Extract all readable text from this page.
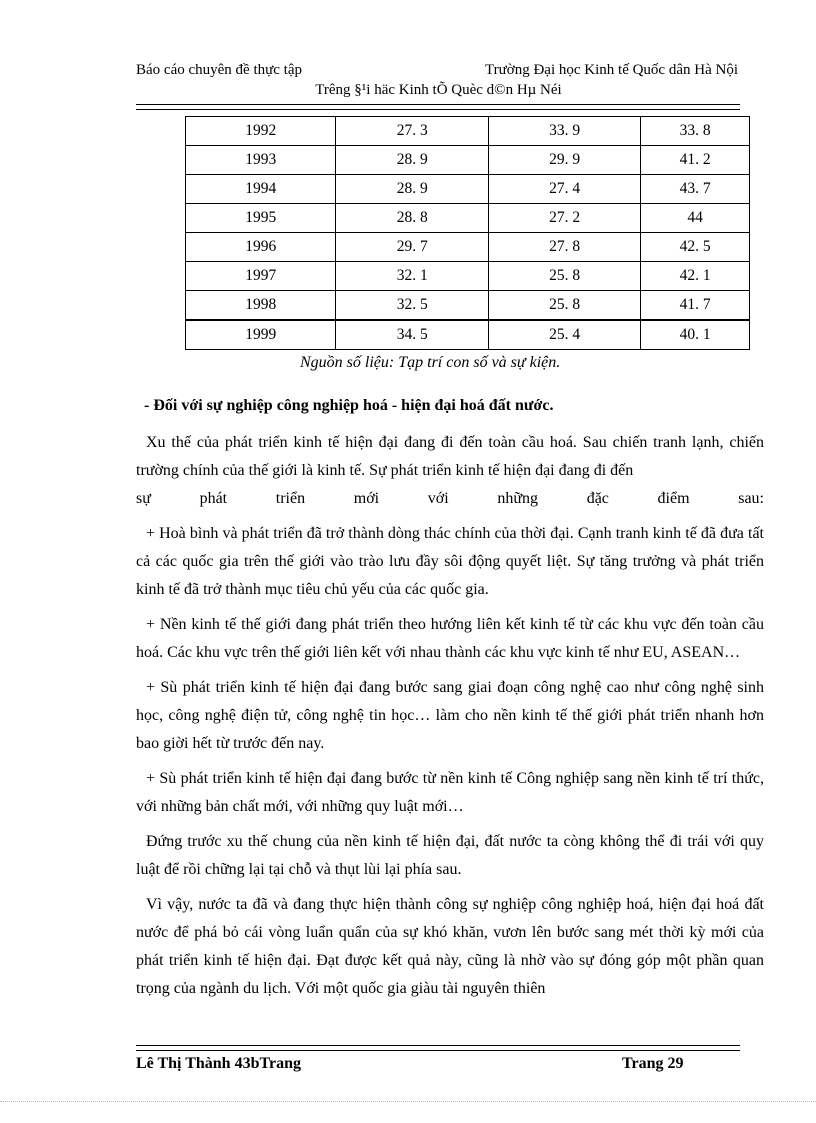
Báo cáo chuyên đề thực tập	Trường Đại học Kinh tế Quốc dân Hà Nội
Trêng §¹i häc Kinh tÕ Quèc d©n Hµ Néi
1992	27. 3	33. 9	33. 8
1993	28. 9	29. 9	41. 2
1994	28. 9	27. 4	43. 7
1995	28. 8	27. 2	44
1996	29. 7	27. 8	42. 5
1997	32. 1	25. 8	42. 1
1998	32. 5	25. 8	41. 7
1999	34. 5	25. 4	40. 1
Nguồn số liệu: Tạp trí con số và sự kiện.

- Đối với sự nghiệp công nghiệp hoá - hiện đại hoá đất nước.

Xu thế của phát triển kinh tế hiện đại đang đi đến toàn cầu hoá. Sau chiến tranh lạnh, chiến trường chính của thế giới là kinh tế. Sự phát triển kinh tế hiện đại đang đi đến

sự phát triển mới với những đặc điểm sau:

+ Hoà bình và phát triển đã trở thành dòng thác chính của thời đại. Cạnh tranh kinh tế đã đưa tất cả các quốc gia trên thế giới vào trào lưu đầy sôi động quyết liệt. Sự tăng trưởng và phát triển kinh tế đã trở thành mục tiêu chủ yếu của các quốc gia.

+ Nền kinh tế thế giới đang phát triển theo hướng liên kết kinh tế từ các khu vực đến toàn cầu hoá. Các khu vực trên thế giới liên kết với nhau thành các khu vực kinh tế như EU, ASEAN…

+ Sù phát triển kinh tế hiện đại đang bước sang giai đoạn công nghệ cao như công nghệ sinh học, công nghệ điện tử, công nghệ tin học… làm cho nền kinh tế thế giới phát triển nhanh hơn bao giời hết từ trước đến nay.

+ Sù phát triển kinh tế hiện đại đang bước từ nền kinh tế Công nghiệp sang nền kinh tế trí thức, với những bản chất mới, với những quy luật mới…

Đứng trước xu thế chung của nền kinh tế hiện đại, đất nước ta còng không thể đi trái với quy luật để rồi chững lại tại chỗ và thụt lùi lại phía sau.

Vì vậy, nước ta đã và đang thực hiện thành công sự nghiệp công nghiệp hoá, hiện đại hoá đất nước để phá bỏ cái vòng luẩn quẩn của sự khó khăn, vươn lên bước sang mét thời kỳ mới của phát triển kinh tế hiện đại. Đạt được kết quả này, cũng là nhờ vào sự đóng góp một phần quan trọng của ngành du lịch. Với một quốc gia giàu tài nguyên thiên

Lê Thị Thành 43bTrang	Trang 29
